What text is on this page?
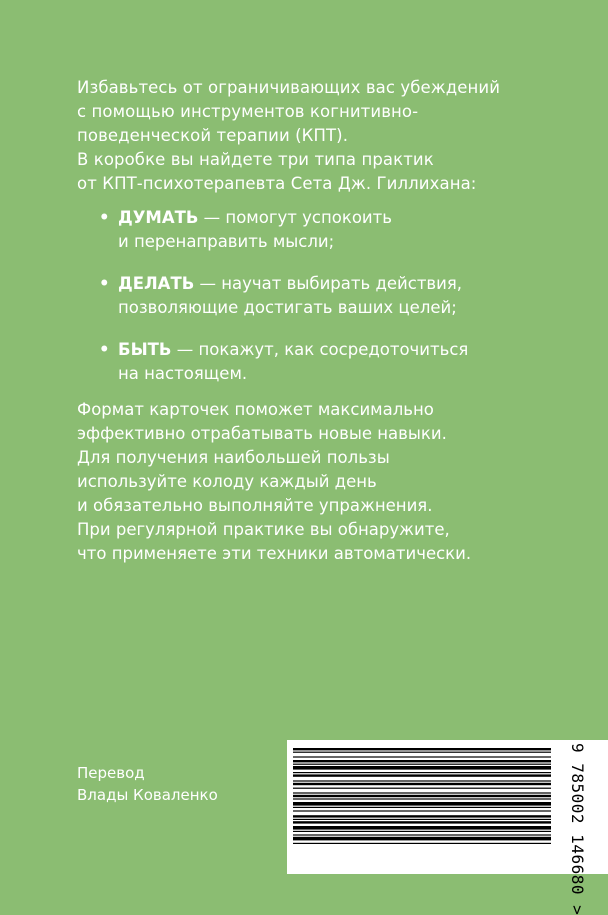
Избавьтесь от ограничивающих вас убеждений

с помощью инструментов когнитивно-

поведенческой терапии (КПТ).

В коробке вы найдете три типа практик

от КПТ-психотерапевта Сета Дж. Гиллихана:

• ДУМАТЬ — помогут успокоить
и перенаправить мысли;
• ДЕЛАТЬ — научат выбирать действия,
позволяющие достигать ваших целей;
• БЫТЬ — покажут, как сосредоточиться
на настоящем.

Формат карточек поможет максимально

эффективно отрабатывать новые навыки.

Для получения наибольшей пользы

используйте колоду каждый день

и обязательно выполняйте упражнения.

При регулярной практике вы обнаружите,

что применяете эти техники автоматически.

Перевод
Влады Коваленко	9 785002 146680 >
